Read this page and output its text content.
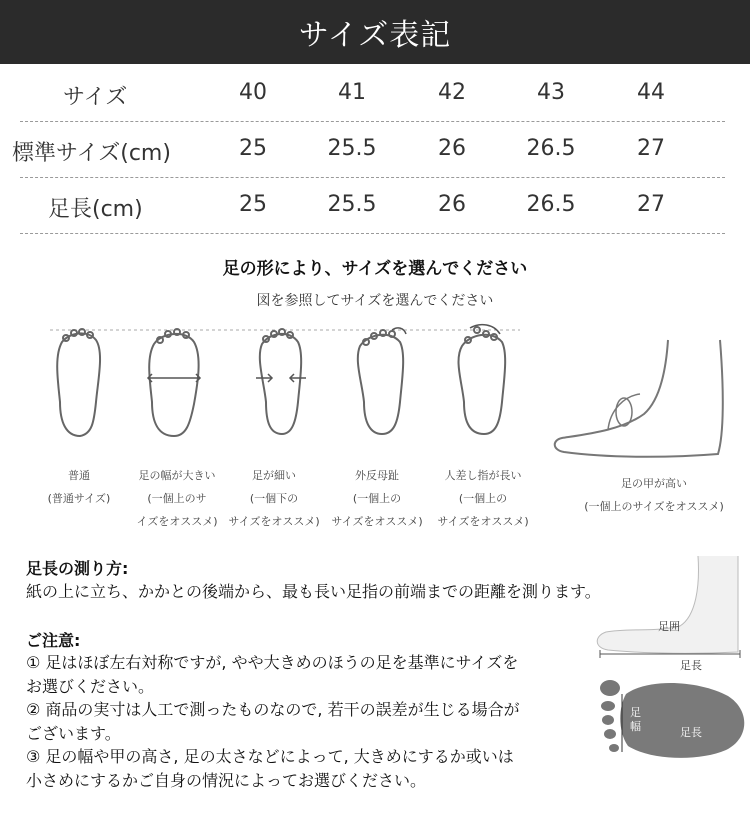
サイズ表記
サイズ	40	41	42	43	44
標準サイズ(cm)	25	25.5	26	26.5	27
足長(cm)	25	25.5	26	26.5	27
足の形により、サイズを選んでください
図を参照してサイズを選んでください
普通
(普通サイズ)
足の幅が大きい
(一個上のサ
イズをオススメ)
足が細い
(一個下の
サイズをオススメ)
外反母趾
(一個上の
サイズをオススメ)
人差し指が長い
(一個上の
サイズをオススメ)
足の甲が高い
(一個上のサイズをオススメ)
足長の測り方:
紙の上に立ち、かかとの後端から、最も長い足指の前端までの距離を測ります。
ご注意:
① 足はほぼ左右対称ですが, やや大きめのほうの足を基準にサイズを
お選びください。
② 商品の実寸は人工で測ったものなので, 若干の誤差が生じる場合が
ございます。
③ 足の幅や甲の高さ, 足の太さなどによって, 大きめにするか或いは
小さめにするかご自身の情況によってお選びください。
足囲
足長
足
幅	足長
